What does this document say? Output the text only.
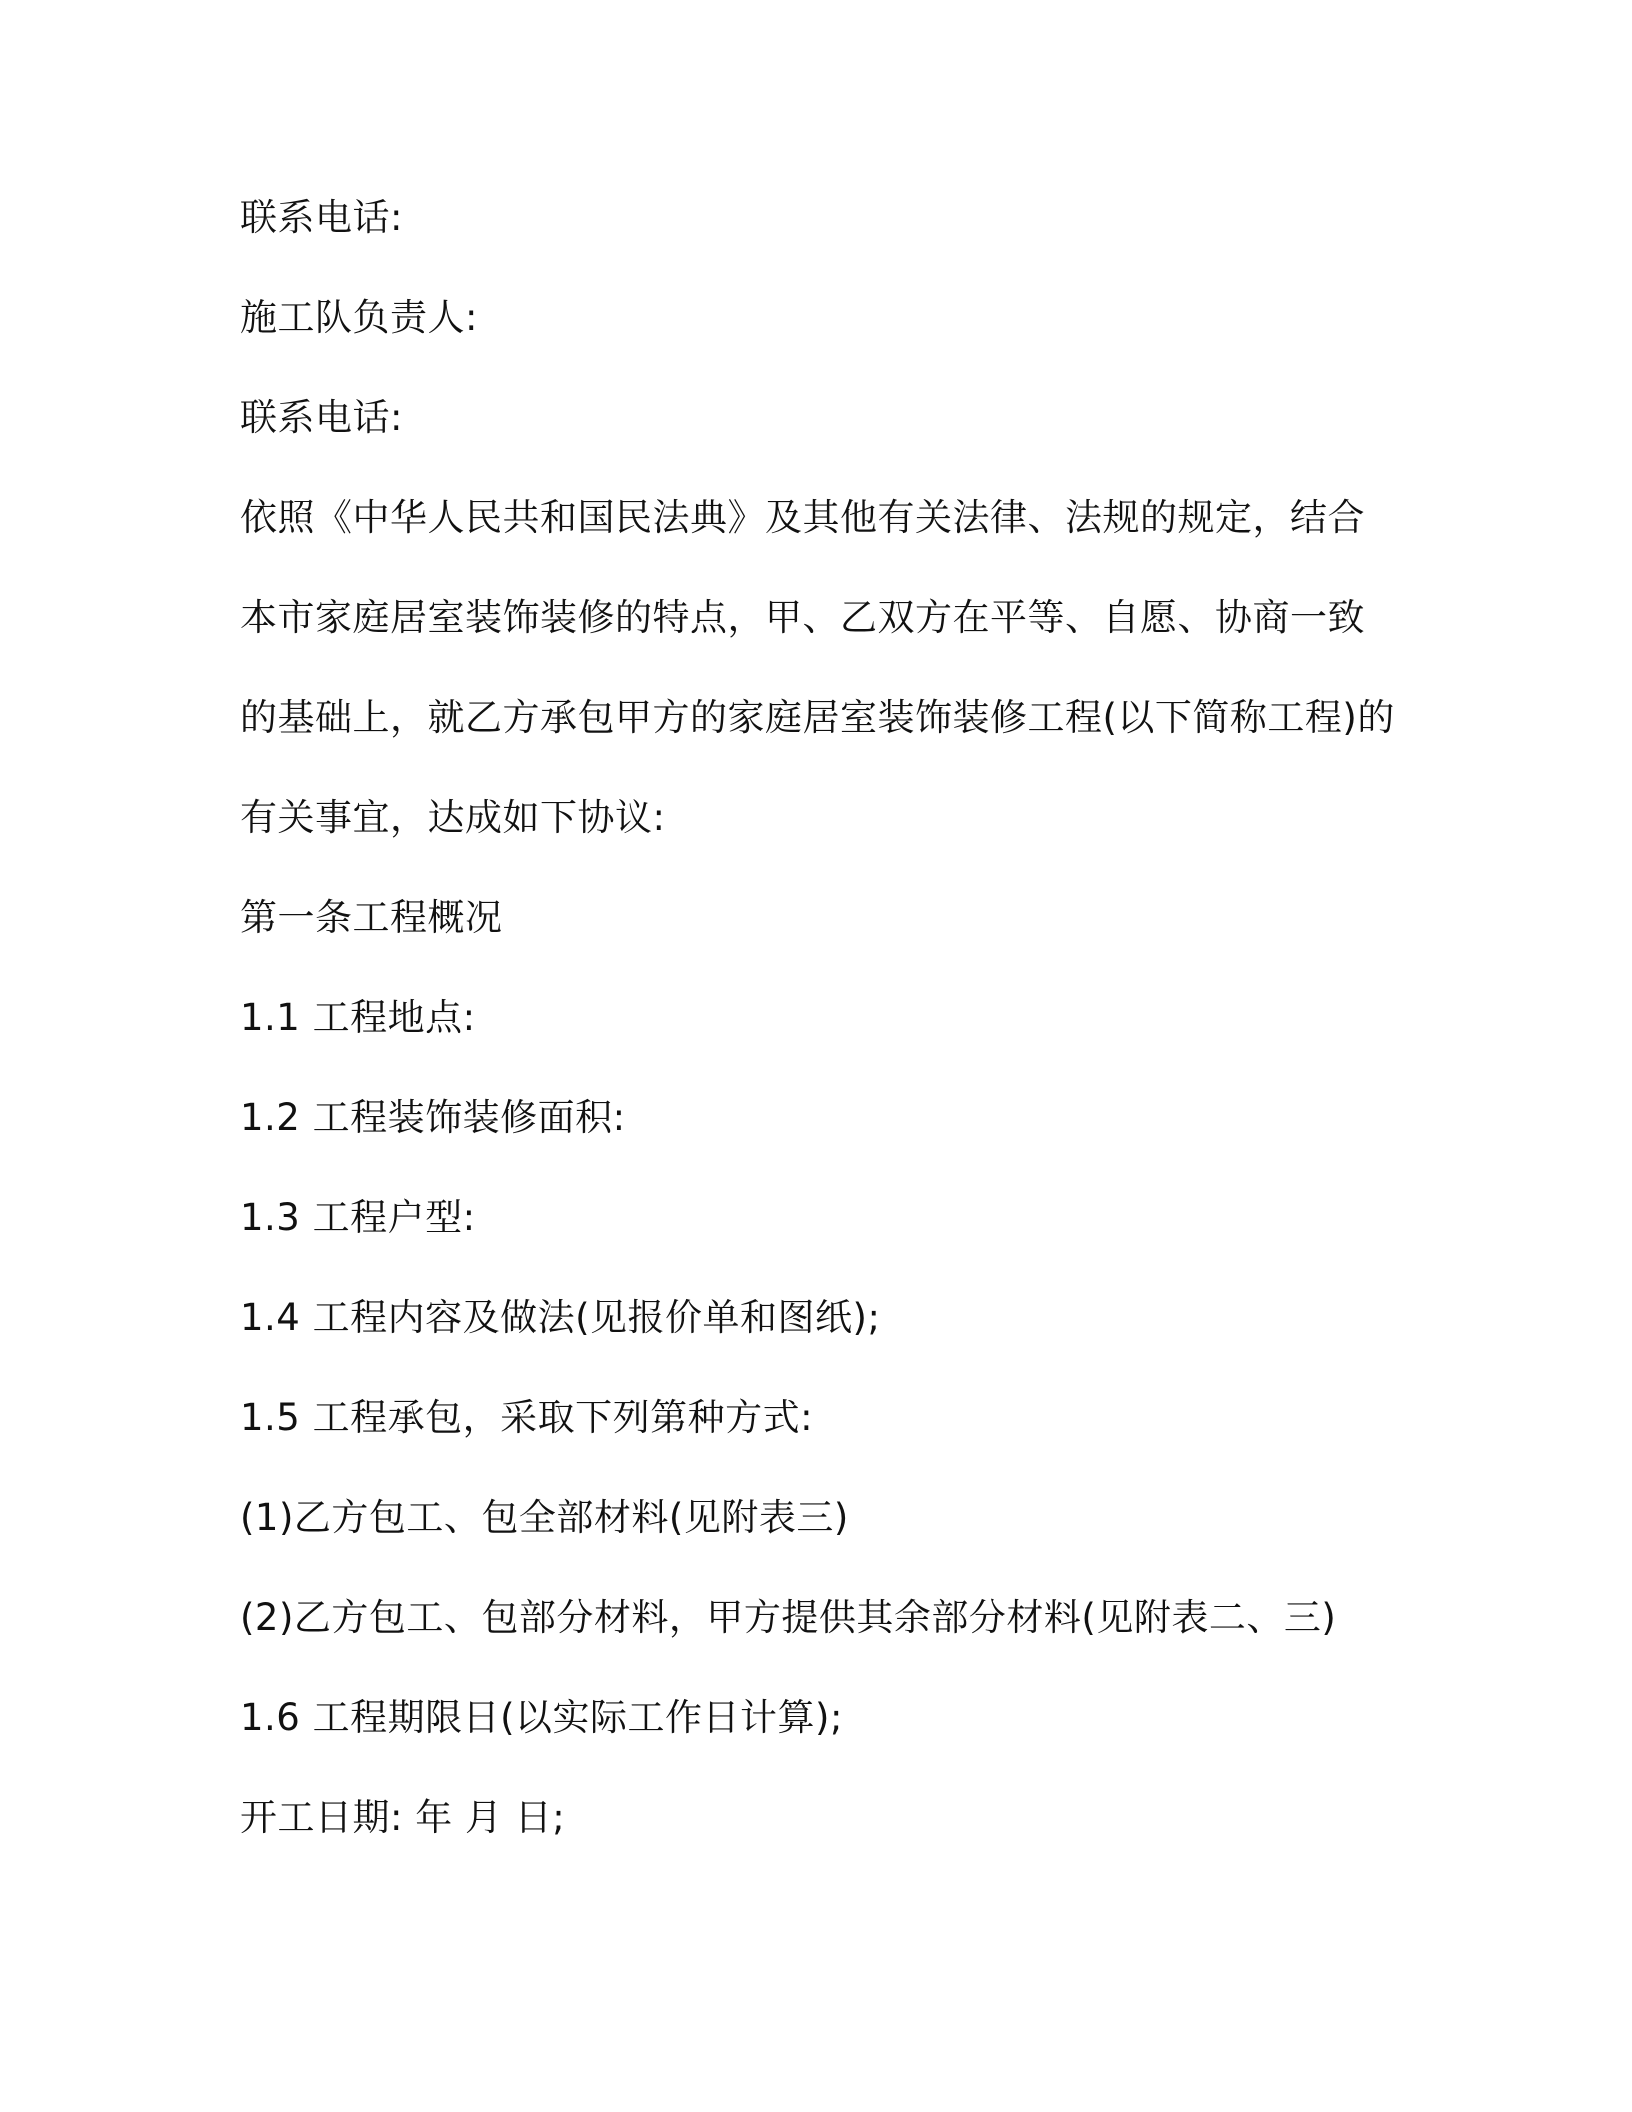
联系电话:
施工队负责人:
联系电话:
依照《中华人民共和国民法典》及其他有关法律、法规的规定，结合
本市家庭居室装饰装修的特点，甲、乙双方在平等、自愿、协商一致
的基础上，就乙方承包甲方的家庭居室装饰装修工程(以下简称工程)的
有关事宜，达成如下协议:
第一条工程概况
1.1 工程地点:
1.2 工程装饰装修面积:
1.3 工程户型:
1.4 工程内容及做法(见报价单和图纸);
1.5 工程承包，采取下列第种方式:
(1)乙方包工、包全部材料(见附表三)
(2)乙方包工、包部分材料，甲方提供其余部分材料(见附表二、三)
1.6 工程期限日(以实际工作日计算);
开工日期: 年 月 日;
